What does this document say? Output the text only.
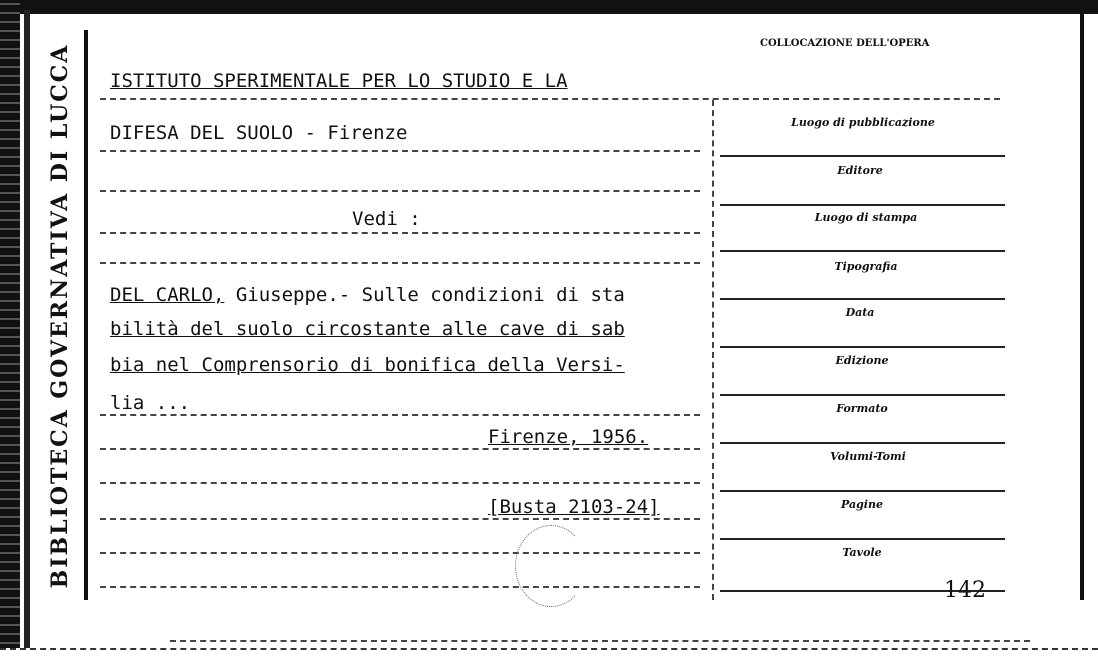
BIBLIOTECA GOVERNATIVA DI LUCCA
COLLOCAZIONE DELL'OPERA
ISTITUTO SPERIMENTALE PER LO STUDIO E LA
DIFESA DEL SUOLO - Firenze
Vedi :
DEL CARLO, Giuseppe.- Sulle condizioni di sta
bilità del suolo circostante alle cave di sab
bia nel Comprensorio di bonifica della Versi-
lia ...
Firenze, 1956.
[Busta 2103-24]
Luogo di pubblicazione
Editore
Luogo di stampa
Tipografia
Data
Edizione
Formato
Volumi-Tomi
Pagine
Tavole
142
